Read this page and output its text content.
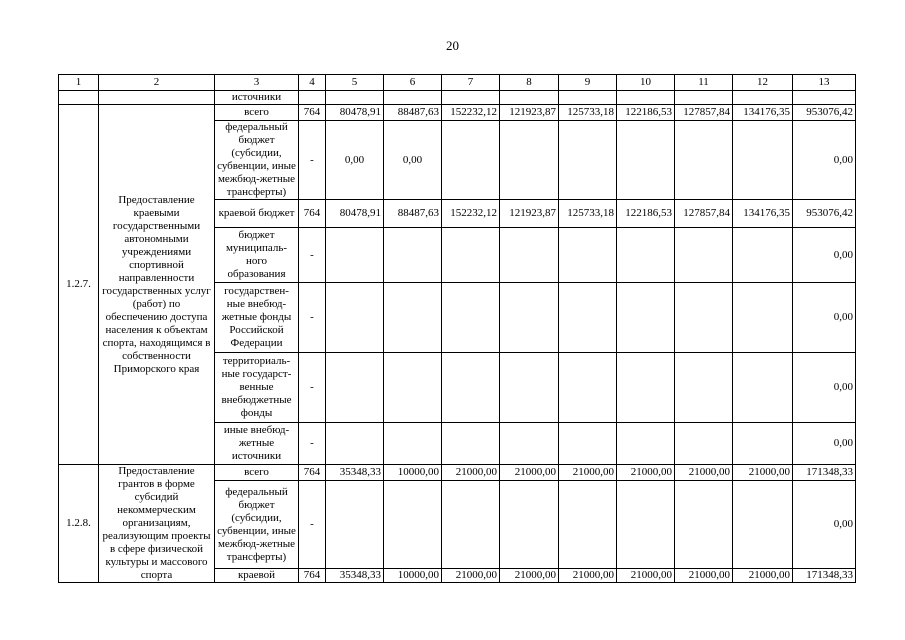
20
1	2	3	4	5	6	7	8	9	10	11	12	13
		источники										
1.2.7.	Предоставление краевыми государственными автономными учреждениями спортивной направленности государственных услуг (работ) по обеспечению доступа населения к объектам спорта, находящимся в собственности Приморского края	всего	764	80478,91	88487,63	152232,12	121923,87	125733,18	122186,53	127857,84	134176,35	953076,42
		федеральный бюджет (субсидии, субвенции, иные межбюд-жетные трансферты)	-	0,00	0,00							0,00
		краевой бюджет	764	80478,91	88487,63	152232,12	121923,87	125733,18	122186,53	127857,84	134176,35	953076,42
		бюджет муниципаль-ного образования	-									0,00
		государствен-ные внебюд-жетные фонды Российской Федерации	-									0,00
		территориаль-ные государст-венные внебюджетные фонды	-									0,00
		иные внебюд-жетные источники	-									0,00
1.2.8.	Предоставление грантов в форме субсидий некоммерческим организациям, реализующим проекты в сфере физической культуры и массового спорта	всего	764	35348,33	10000,00	21000,00	21000,00	21000,00	21000,00	21000,00	21000,00	171348,33
		федеральный бюджет (субсидии, субвенции, иные межбюд-жетные трансферты)	-									0,00
		краевой	764	35348,33	10000,00	21000,00	21000,00	21000,00	21000,00	21000,00	21000,00	171348,33
